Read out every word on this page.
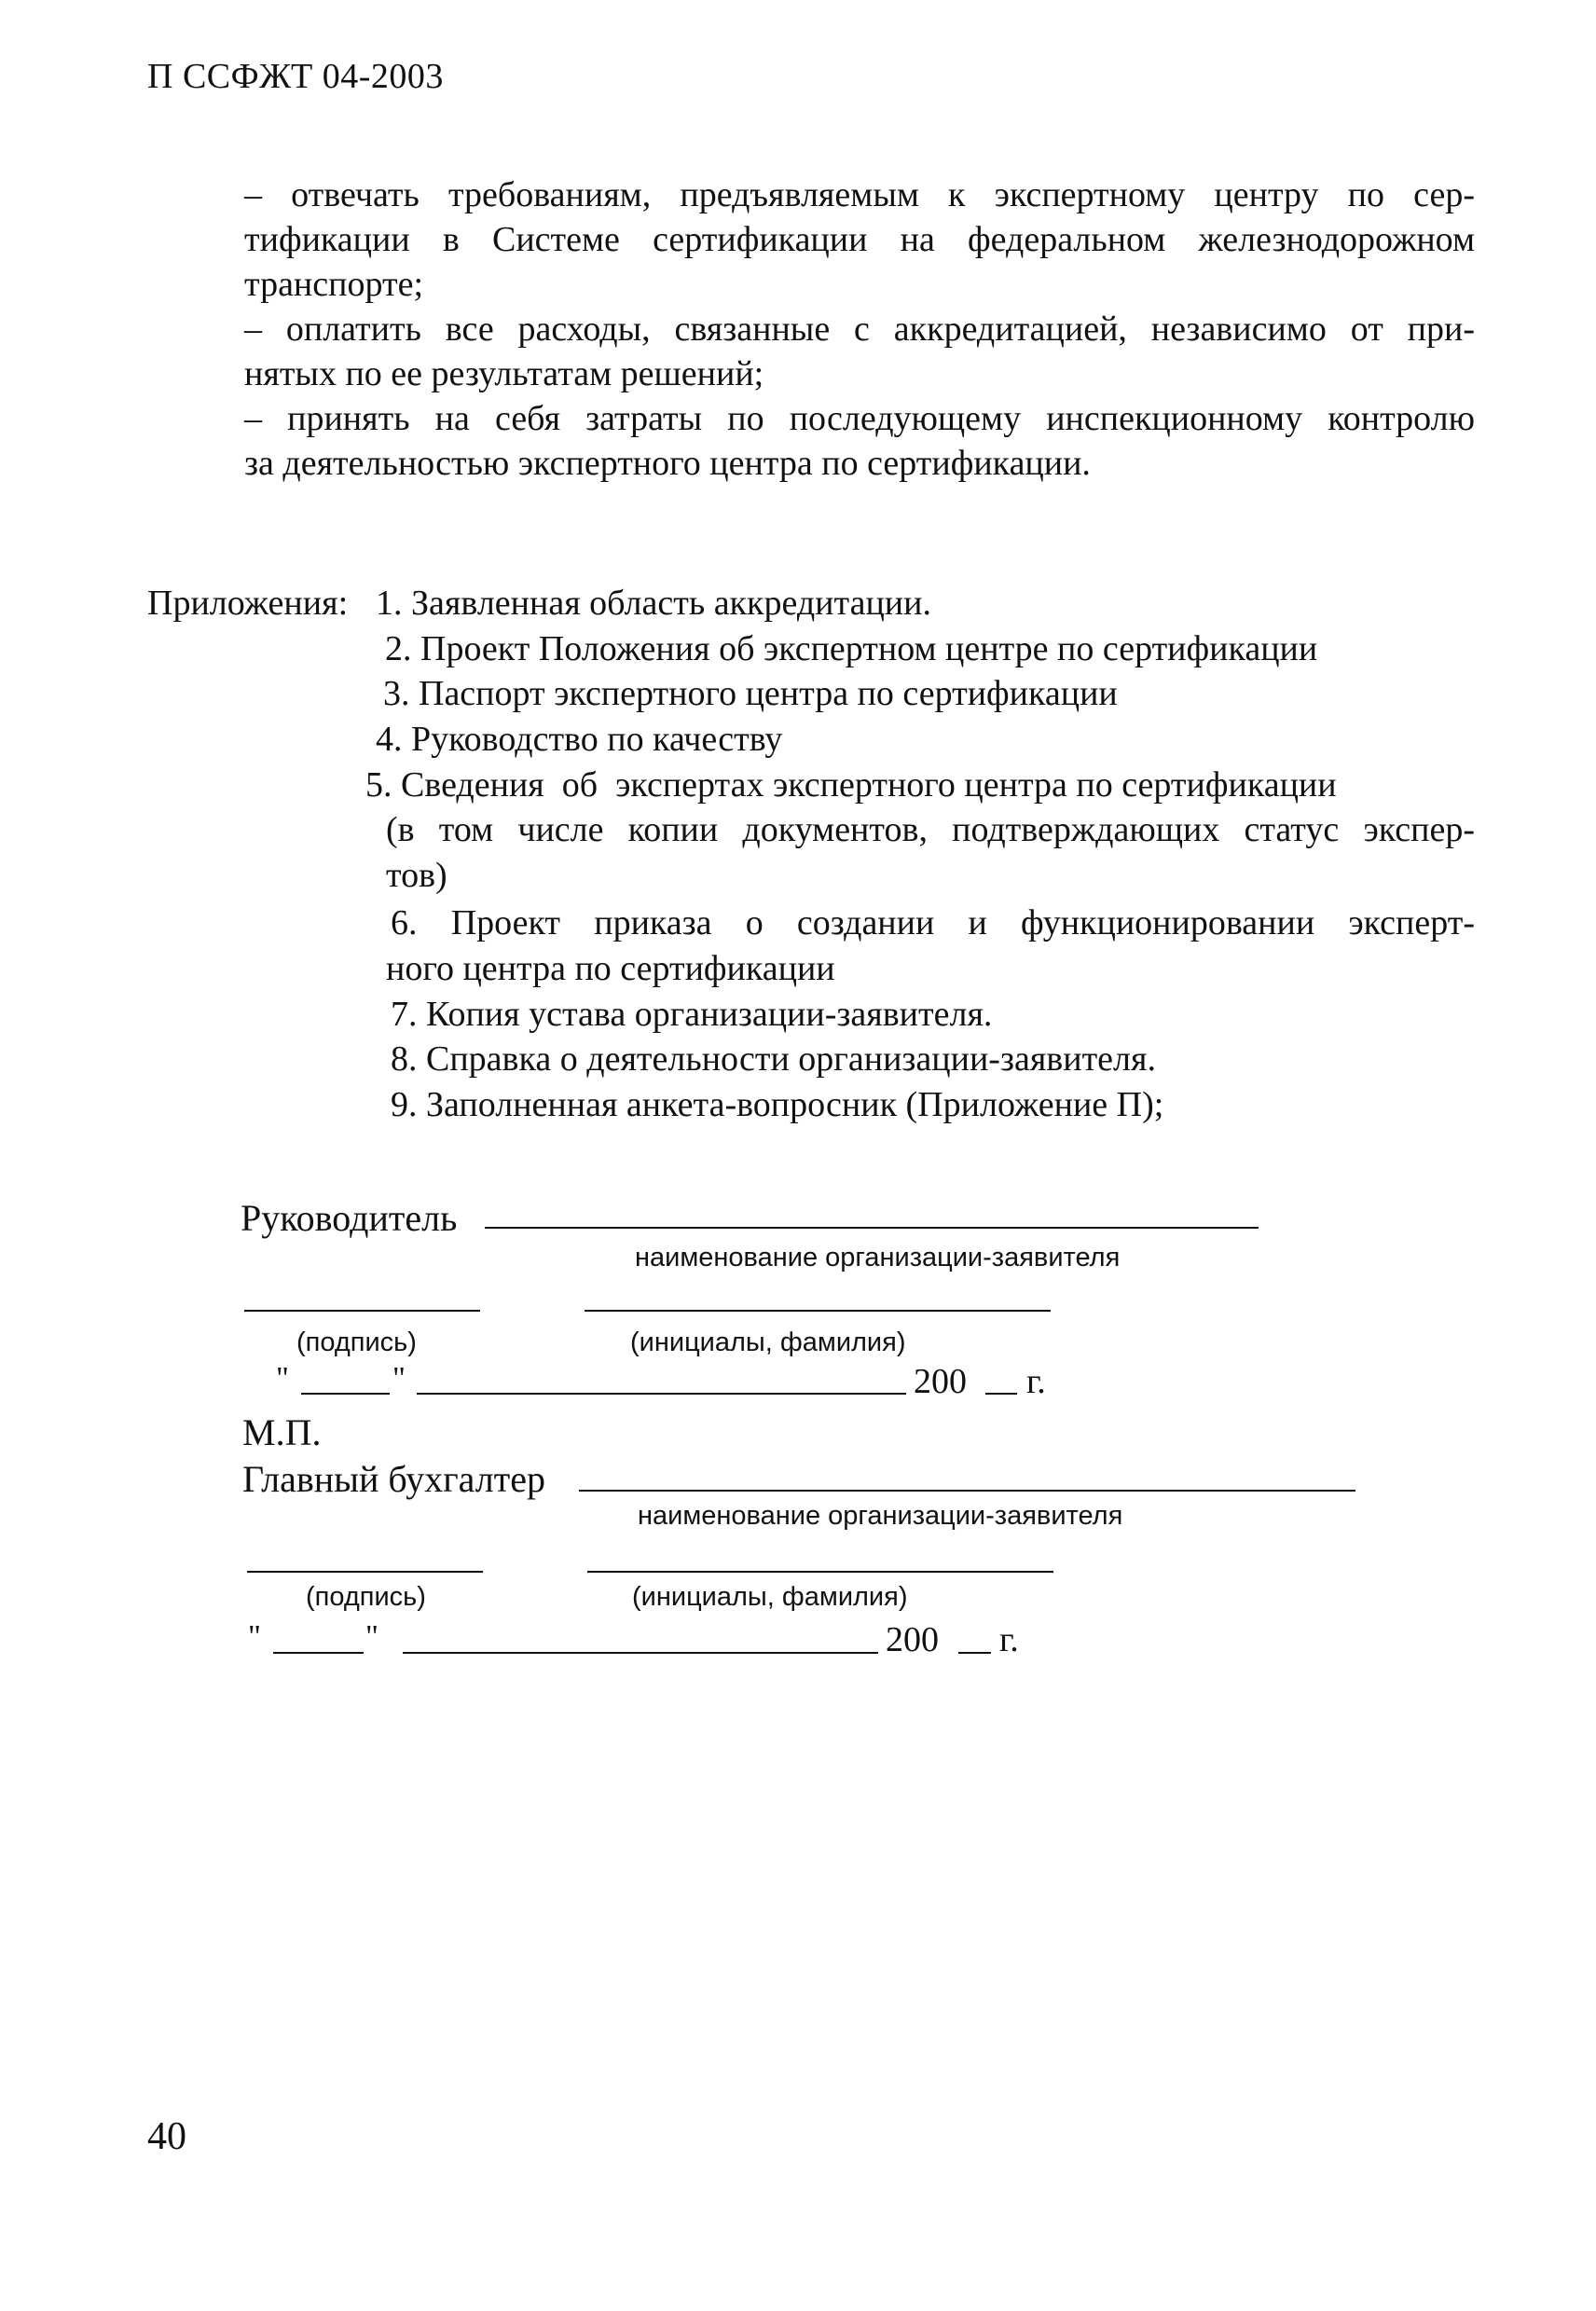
П ССФЖТ 04-2003
– отвечать требованиям, предъявляемым к экспертному центру по сер-
тификации в Системе сертификации на федеральном железнодорожном
транспорте;
– оплатить все расходы, связанные с аккредитацией, независимо от при-
нятых по ее результатам решений;
– принять на себя затраты по последующему инспекционному контролю
за деятельностью экспертного центра по сертификации.
Приложения: 1. Заявленная область аккредитации.
2. Проект Положения об экспертном центре по сертификации
3. Паспорт экспертного центра по сертификации
4. Руководство по качеству
5. Сведения  об  экспертах экспертного центра по сертификации
(в том числе копии документов, подтверждающих статус экспер-
тов)
6. Проект приказа о создании и функционировании эксперт-
ного центра по сертификации
7. Копия устава организации-заявителя.
8. Справка о деятельности организации-заявителя.
9. Заполненная анкета-вопросник (Приложение П);
Руководитель
наименование организации-заявителя
(подпись)	(инициалы, фамилия)
"	"	200 г.
М.П.
Главный бухгалтер
наименование организации-заявителя
(подпись)	(инициалы, фамилия)
"	"	200 г.
40
